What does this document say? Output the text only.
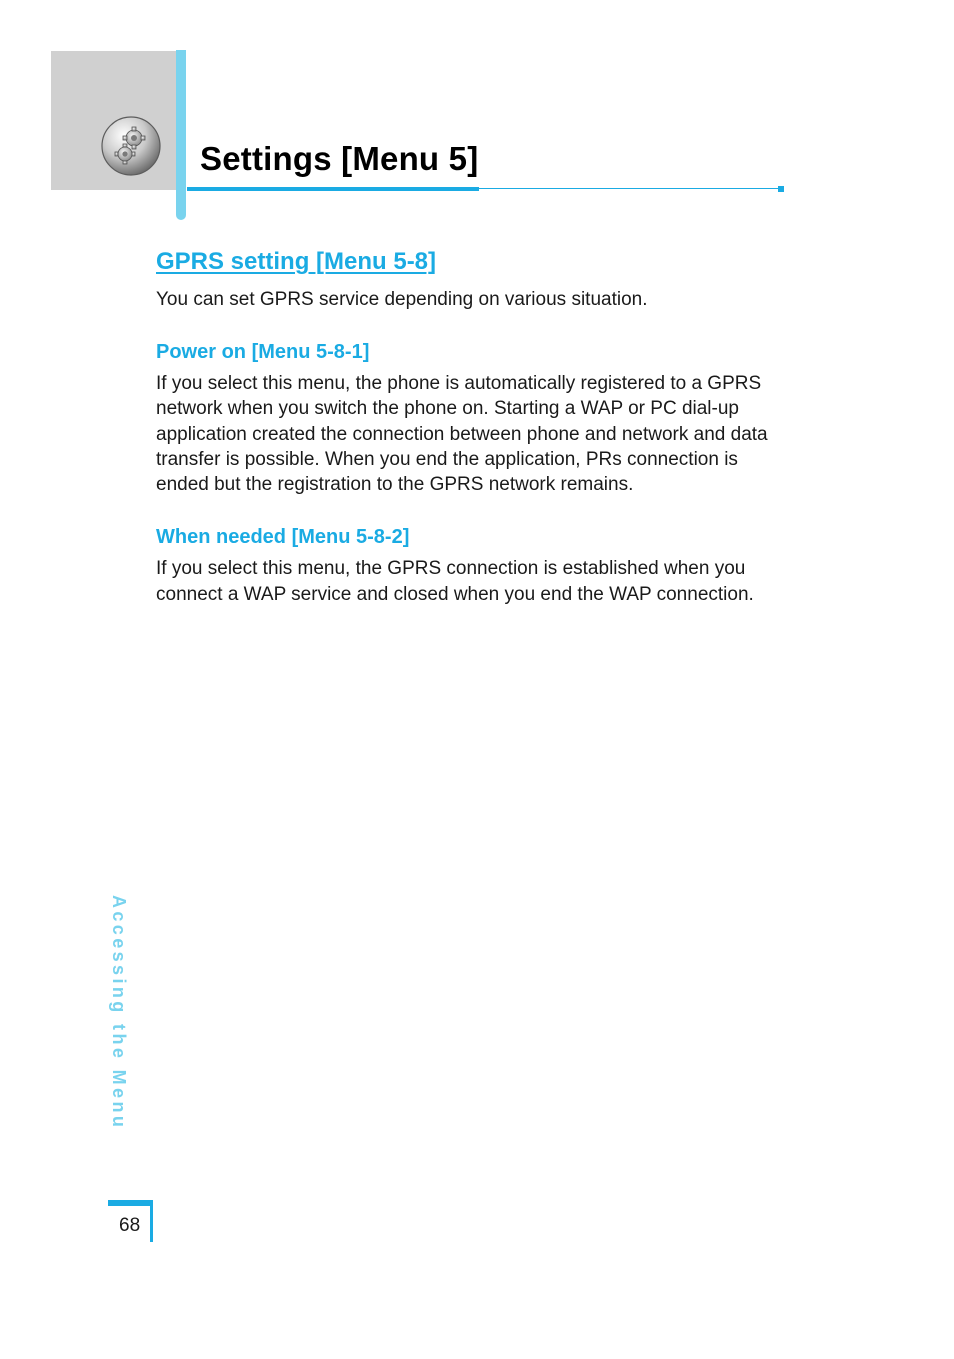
Settings [Menu 5]
GPRS setting [Menu 5-8]

You can set GPRS service depending on various situation.

Power on [Menu 5-8-1]

If you select this menu, the phone is automatically registered to a GPRS network when you switch the phone on. Starting a WAP or PC dial-up application created the connection between phone and network and data transfer is possible. When you end the application, PRs connection is ended but the registration to the GPRS network remains.

When needed [Menu 5-8-2]

If you select this menu, the GPRS connection is established when you connect a WAP service and closed when you end the WAP connection.

Accessing the Menu
68
